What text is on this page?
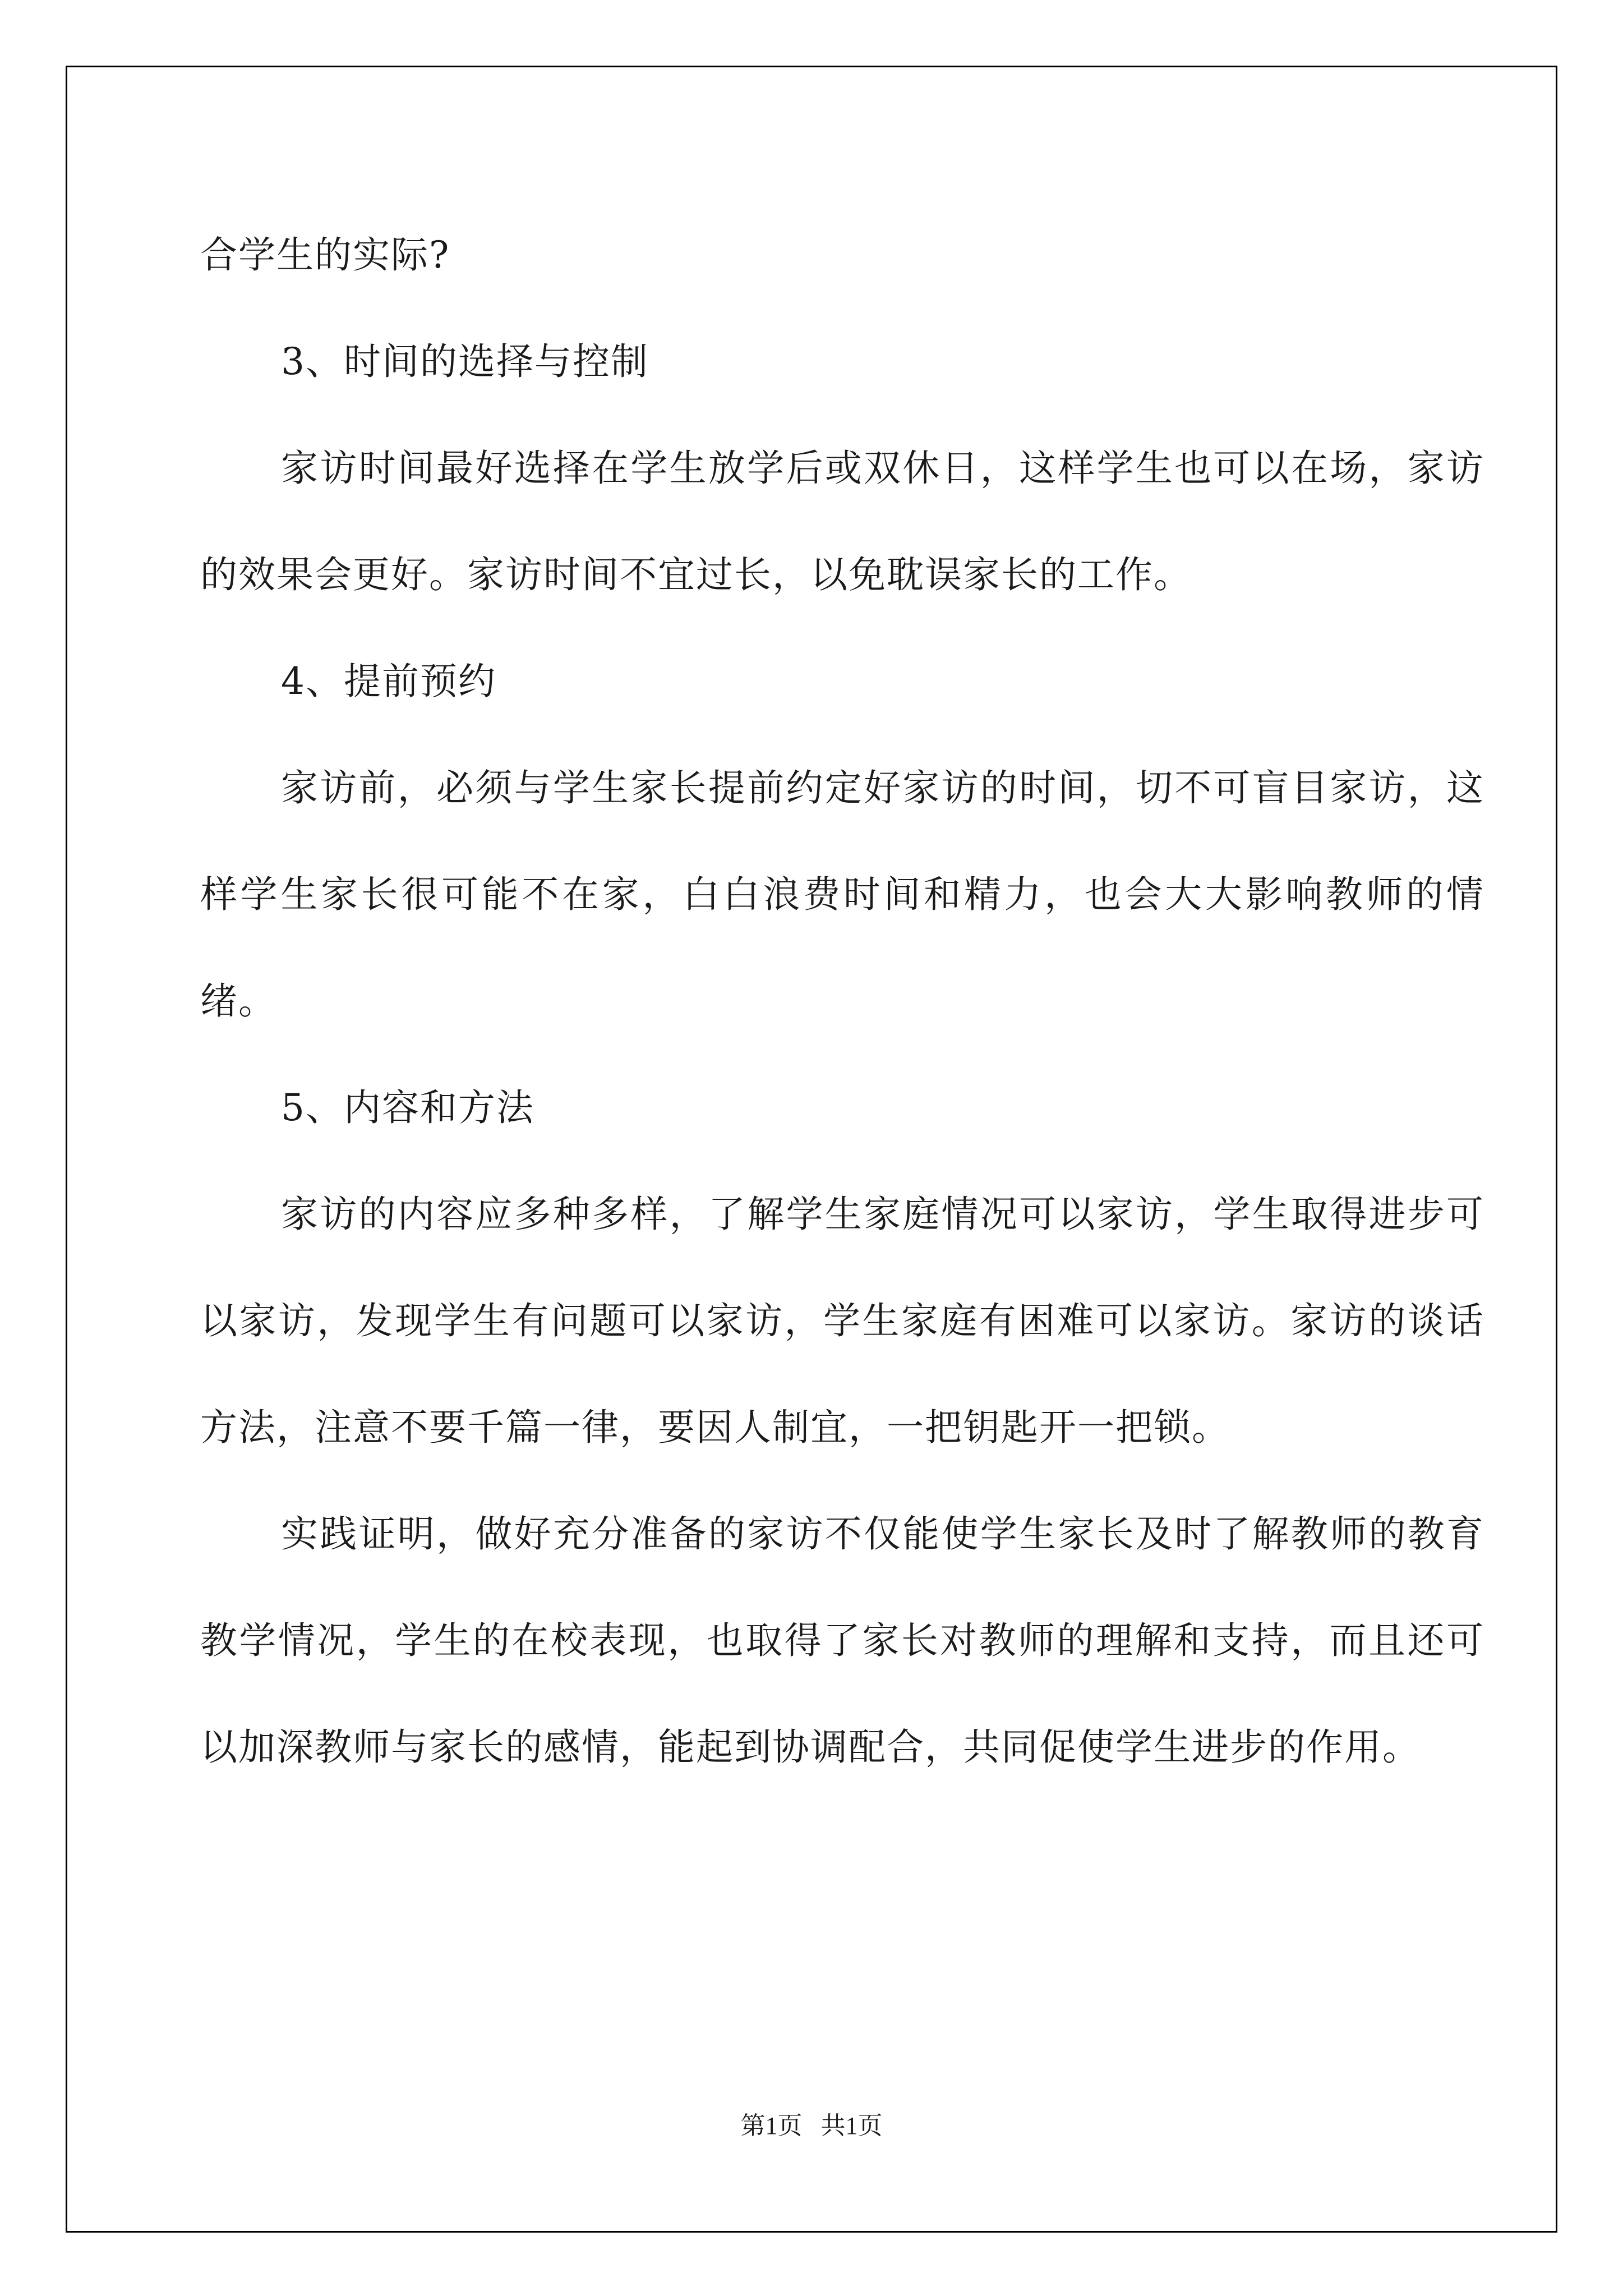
合学生的实际?

3、时间的选择与控制

家访时间最好选择在学生放学后或双休日，这样学生也可以在场，家访的效果会更好。家访时间不宜过长，以免耽误家长的工作。

4、提前预约

家访前，必须与学生家长提前约定好家访的时间，切不可盲目家访，这样学生家长很可能不在家，白白浪费时间和精力，也会大大影响教师的情绪。

5、内容和方法

家访的内容应多种多样，了解学生家庭情况可以家访，学生取得进步可以家访，发现学生有问题可以家访，学生家庭有困难可以家访。家访的谈话方法，注意不要千篇一律，要因人制宜，一把钥匙开一把锁。

实践证明，做好充分准备的家访不仅能使学生家长及时了解教师的教育教学情况，学生的在校表现，也取得了家长对教师的理解和支持，而且还可以加深教师与家长的感情，能起到协调配合，共同促使学生进步的作用。

第1页 共1页
